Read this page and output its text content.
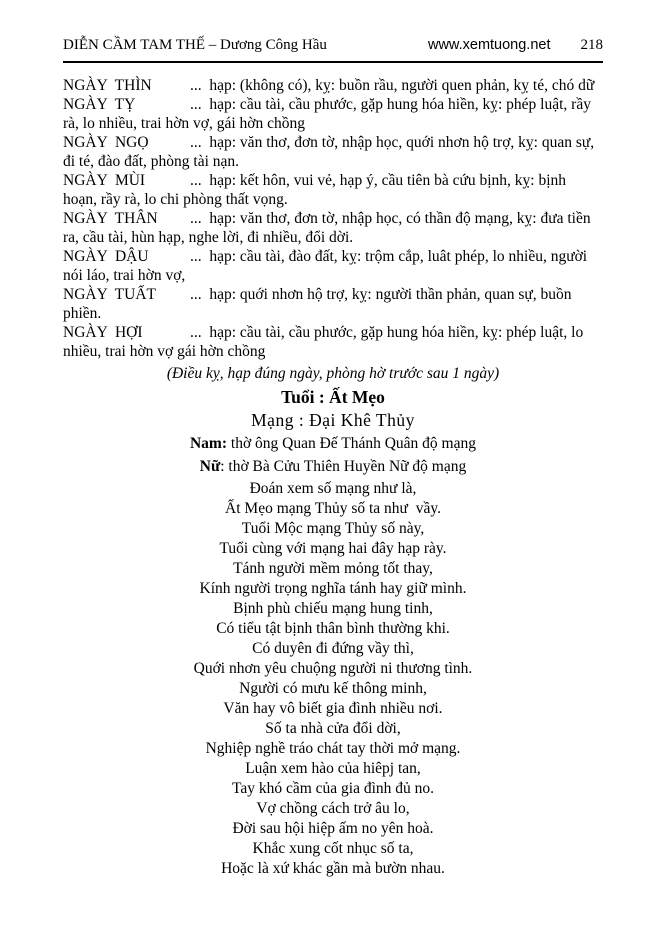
DIỄN CẦM TAM THẾ – Dương Công Hầu	www.xemtuong.net 218

NGÀY  THÌN ...  hạp: (không có), kỵ: buồn rầu, người quen phản, kỵ té, chó dữ

NGÀY  TỴ	...  hạp: cầu tài, cầu phước, gặp hung hóa hiền, kỵ: phép luật, rầy rà, lo nhiều, trai hờn vợ, gái hờn chồng

NGÀY  NGỌ	...  hạp: văn thơ, đơn tờ, nhập học, quới nhơn hộ trợ, kỵ: quan sự, đi té, đào đất, phòng tài nạn.

NGÀY  MÙI	...  hạp: kết hôn, vui vẻ, hạp ý, cầu tiên bà cứu bịnh, kỵ: bịnh hoạn, rầy rà, lo chi phòng thất vọng.

NGÀY  THÂN ...  hạp: văn thơ, đơn tờ, nhập học, có thần độ mạng, kỵ: đưa tiền ra, cầu tài, hùn hạp, nghe lời, đi nhiều, đổi dời.

NGÀY  DẬU	...  hạp: cầu tài, đào đất, kỵ: trộm cắp, luât phép, lo nhiều, người nói láo, trai hờn vợ,

NGÀY  TUẤT ...  hạp: quới nhơn hộ trợ, kỵ: người thần phản, quan sự, buồn phiền.

NGÀY  HỢI	...  hạp: cầu tài, cầu phước, gặp hung hóa hiền, kỵ: phép luật, lo nhiều, trai hờn vợ gái hờn chồng

(Điều kỵ, hạp đúng ngày, phòng hờ trước sau 1 ngày)

Tuổi : Ất Mẹo

Mạng : Đại Khê Thủy

Nam: thờ ông Quan Đế Thánh Quân độ mạng

Nữ: thờ Bà Cửu Thiên Huyền Nữ độ mạng

Đoán xem số mạng như là,

Ất Mẹo mạng Thủy số ta như  vầy.

Tuổi Mộc mạng Thủy số này,

Tuổi cùng với mạng hai đây hạp rày.

Tánh người mềm mỏng tốt thay,

Kính người trọng nghĩa tánh hay giữ mình.

Bịnh phù chiếu mạng hung tinh,

Có tiểu tật bịnh thân bình thường khi.

Có duyên đi đứng vầy thì,

Quới nhơn yêu chuộng người ni thương tình.

Người có mưu kế thông minh,

Văn hay vô biết gia đình nhiều nơi.

Số ta nhà cửa đổi dời,

Nghiệp nghề tráo chát tay thời mở mạng.

Luận xem hào của hiêpj tan,

Tay khó cầm của gia đình đủ no.

Vợ chồng cách trở âu lo,

Đời sau hội hiệp ấm no yên hoà.

Khắc xung cốt nhục số ta,

Hoặc là xứ khác gần mà bườn nhau.
